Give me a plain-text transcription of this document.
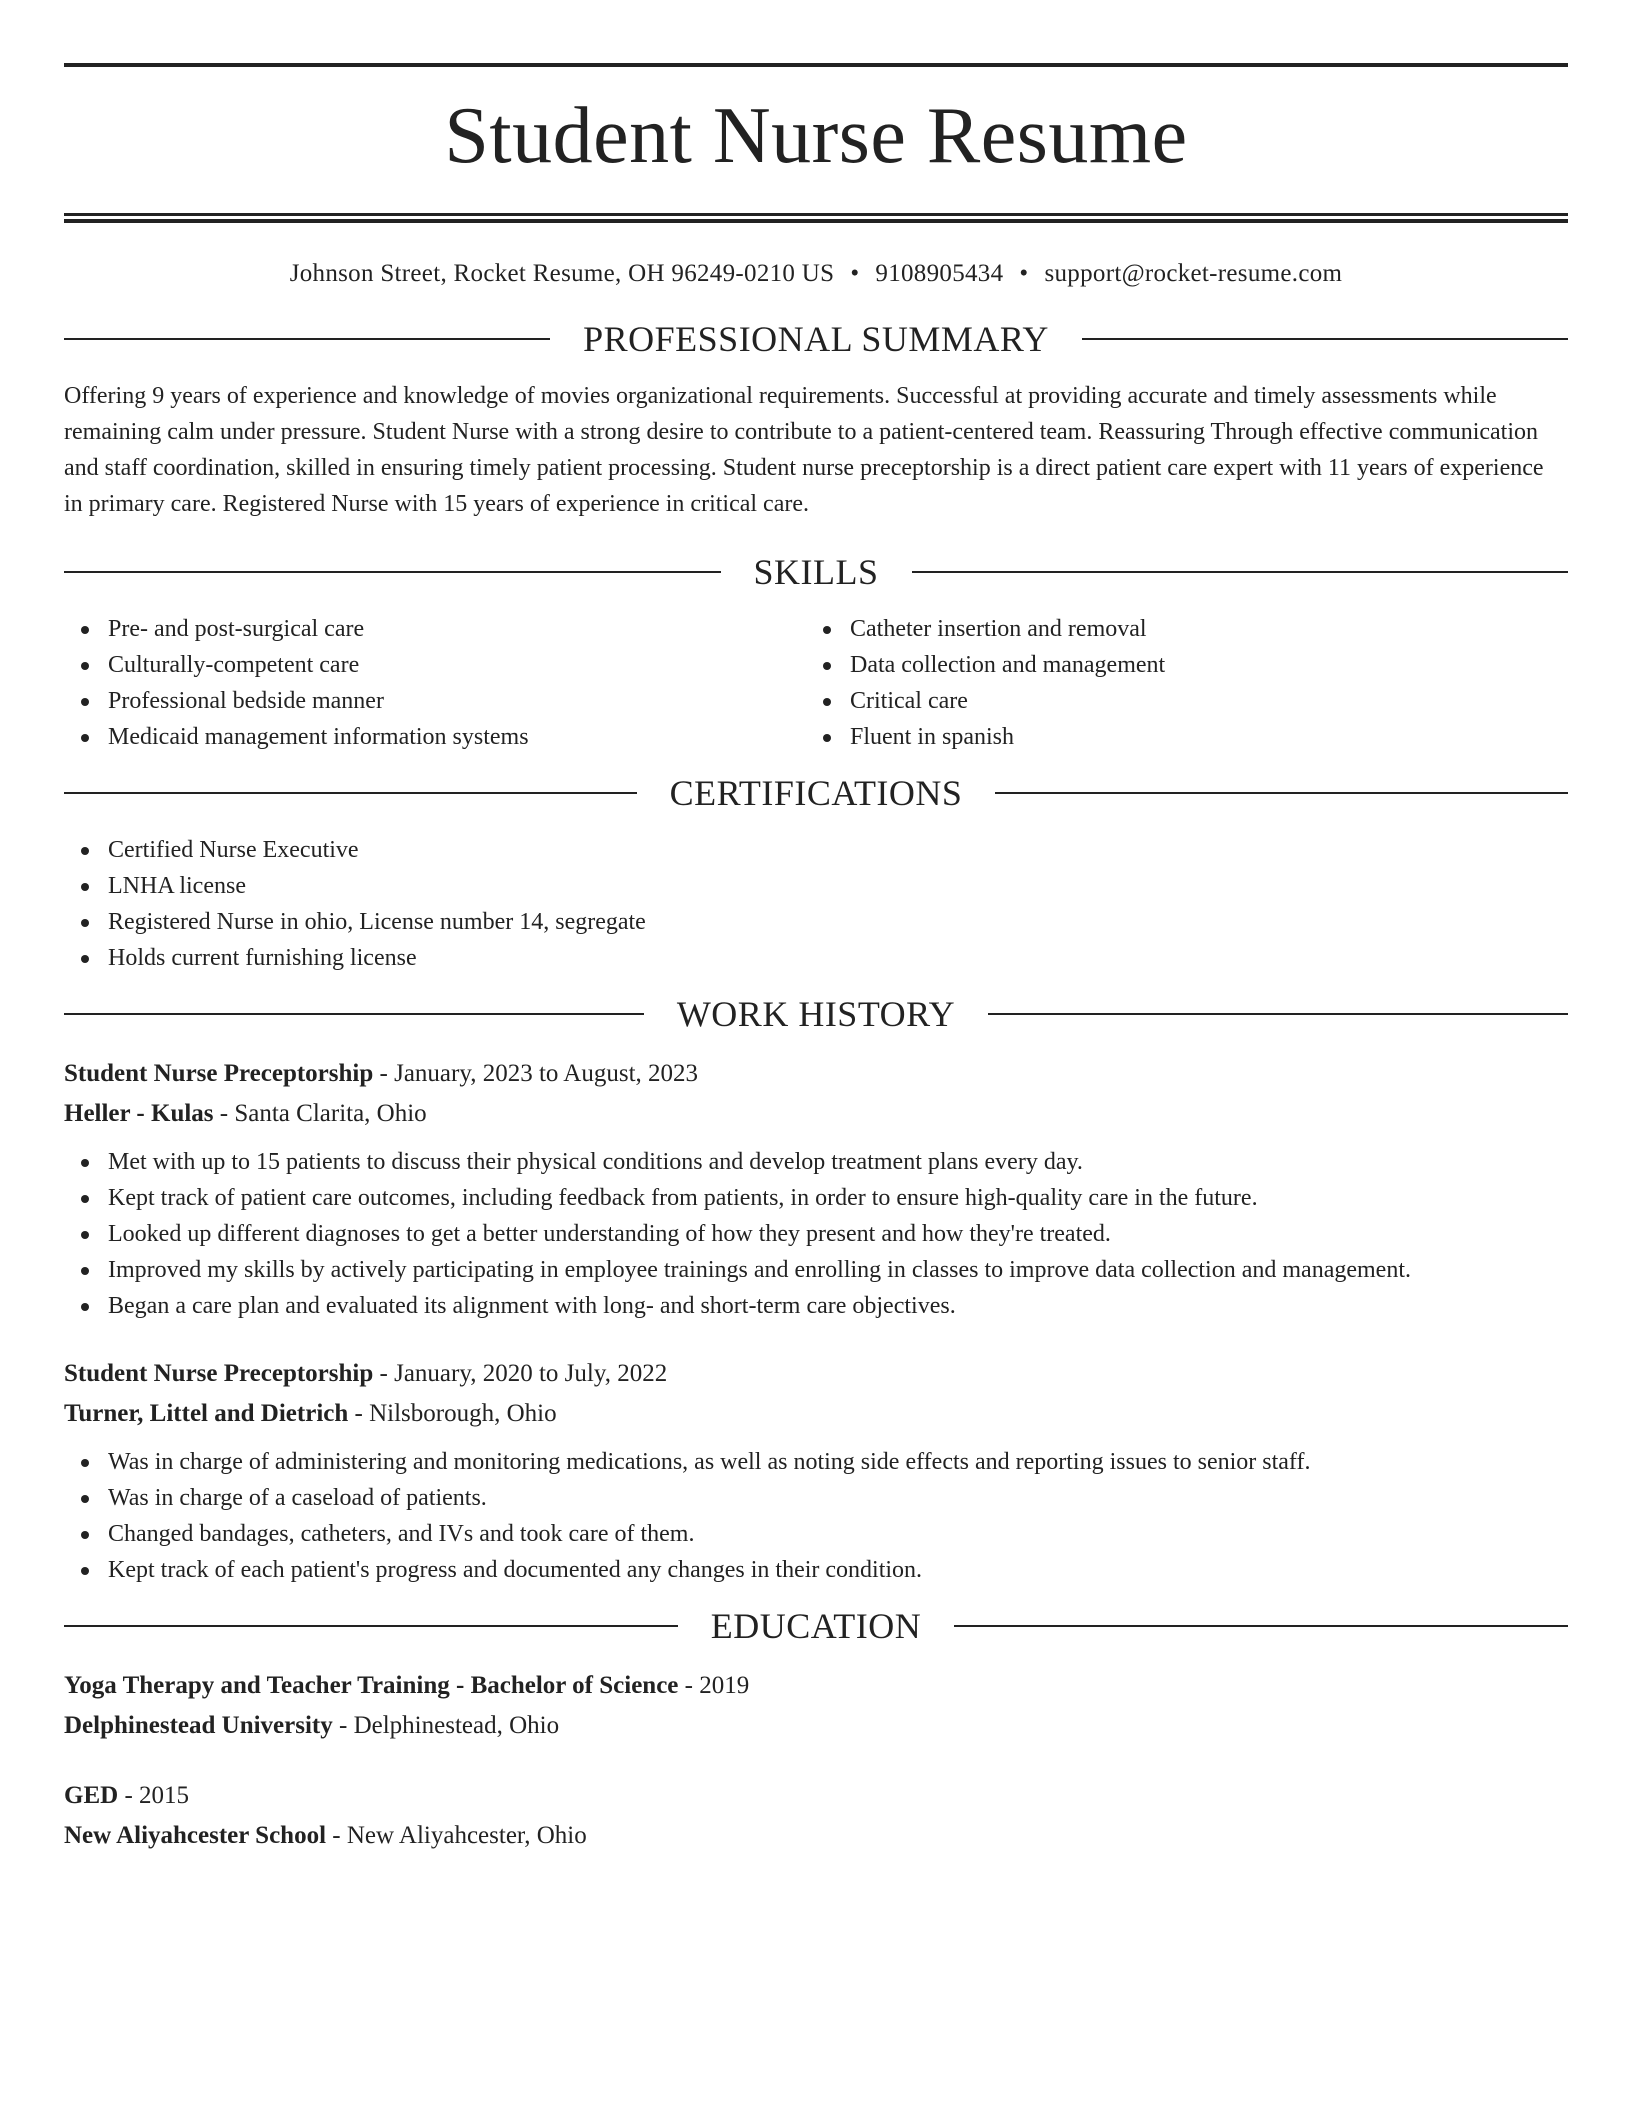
Student Nurse Resume
Johnson Street, Rocket Resume, OH 96249-0210 US • 9108905434 • support@rocket-resume.com
PROFESSIONAL SUMMARY

Offering 9 years of experience and knowledge of movies organizational requirements. Successful at providing accurate and timely assessments while remaining calm under pressure. Student Nurse with a strong desire to contribute to a patient-centered team. Reassuring Through effective communication and staff coordination, skilled in ensuring timely patient processing. Student nurse preceptorship is a direct patient care expert with 11 years of experience in primary care. Registered Nurse with 15 years of experience in critical care.

SKILLS
Pre- and post-surgical care
Culturally-competent care
Professional bedside manner
Medicaid management information systems
Catheter insertion and removal
Data collection and management
Critical care
Fluent in spanish
CERTIFICATIONS
Certified Nurse Executive
LNHA license
Registered Nurse in ohio, License number 14, segregate
Holds current furnishing license
WORK HISTORY
Student Nurse Preceptorship - January, 2023 to August, 2023
Heller - Kulas - Santa Clarita, Ohio
Met with up to 15 patients to discuss their physical conditions and develop treatment plans every day.
Kept track of patient care outcomes, including feedback from patients, in order to ensure high-quality care in the future.
Looked up different diagnoses to get a better understanding of how they present and how they're treated.
Improved my skills by actively participating in employee trainings and enrolling in classes to improve data collection and management.
Began a care plan and evaluated its alignment with long- and short-term care objectives.
Student Nurse Preceptorship - January, 2020 to July, 2022
Turner, Littel and Dietrich - Nilsborough, Ohio
Was in charge of administering and monitoring medications, as well as noting side effects and reporting issues to senior staff.
Was in charge of a caseload of patients.
Changed bandages, catheters, and IVs and took care of them.
Kept track of each patient's progress and documented any changes in their condition.
EDUCATION
Yoga Therapy and Teacher Training - Bachelor of Science - 2019
Delphinestead University - Delphinestead, Ohio
GED - 2015
New Aliyahcester School - New Aliyahcester, Ohio
